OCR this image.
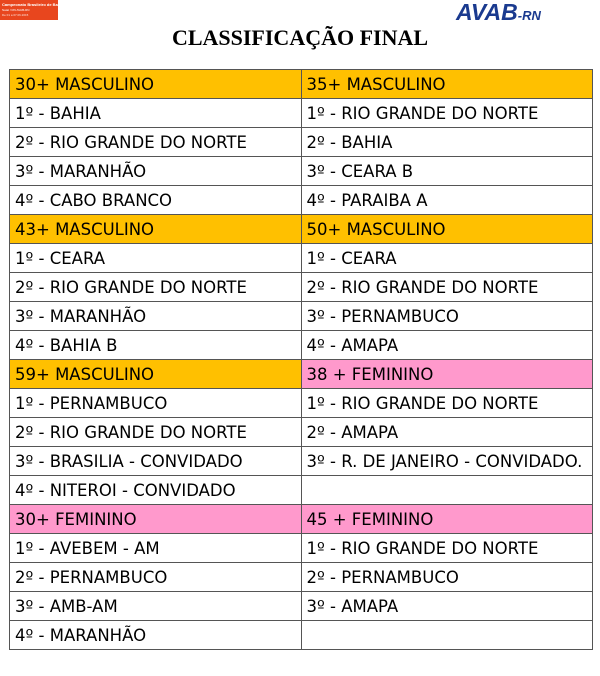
Campeonato Brasileiro de Basquetebol Master
Natal / RN AVAB-RN
De 01 a 07.06.2015	AVAB-RN
CLASSIFICAÇÃO FINAL
30+ MASCULINO	35+ MASCULINO
1º - BAHIA	1º - RIO GRANDE DO NORTE
2º - RIO GRANDE DO NORTE	2º - BAHIA
3º - MARANHÃO	3º - CEARA B
4º - CABO BRANCO	4º - PARAIBA A
43+ MASCULINO	50+ MASCULINO
1º - CEARA	1º - CEARA
2º - RIO GRANDE DO NORTE	2º - RIO GRANDE DO NORTE
3º - MARANHÃO	3º - PERNAMBUCO
4º - BAHIA B	4º - AMAPA
59+ MASCULINO	38 + FEMININO
1º - PERNAMBUCO	1º - RIO GRANDE DO NORTE
2º - RIO GRANDE DO NORTE	2º - AMAPA
3º - BRASILIA - CONVIDADO	3º - R. DE JANEIRO - CONVIDADO.
4º - NITEROI - CONVIDADO	
30+ FEMININO	45 + FEMININO
1º - AVEBEM - AM	1º - RIO GRANDE DO NORTE
2º - PERNAMBUCO	2º - PERNAMBUCO
3º - AMB-AM	3º - AMAPA
4º - MARANHÃO	
